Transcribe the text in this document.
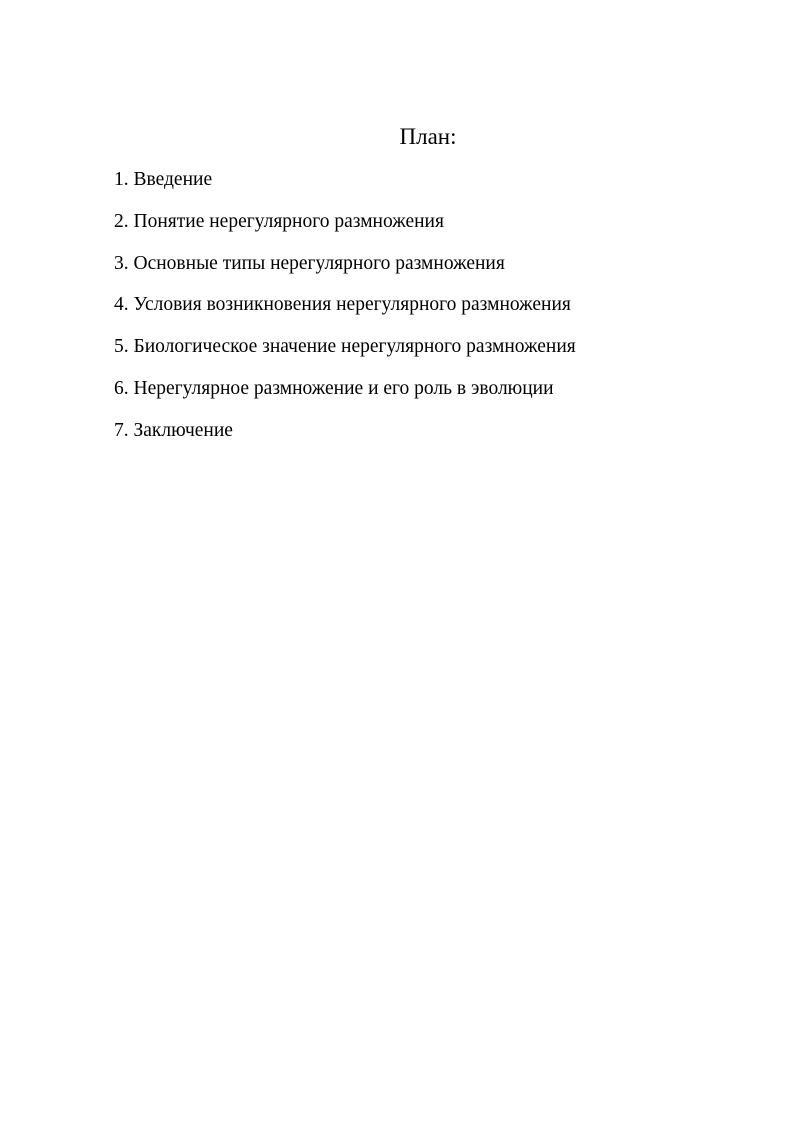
План:
1. Введение
2. Понятие нерегулярного размножения
3. Основные типы нерегулярного размножения
4. Условия возникновения нерегулярного размножения
5. Биологическое значение нерегулярного размножения
6. Нерегулярное размножение и его роль в эволюции
7. Заключение
